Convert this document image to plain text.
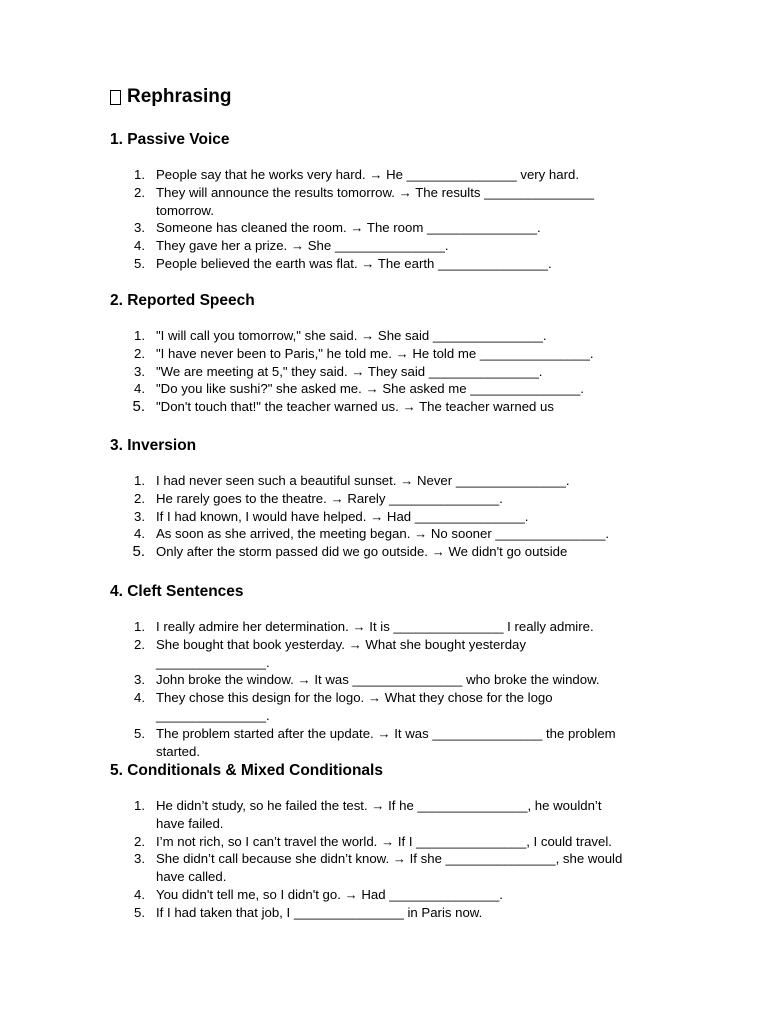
Rephrasing
1. Passive Voice
1. People say that he works very hard. → He _______________ very hard.
2. They will announce the results tomorrow. → The results _______________ tomorrow.
3. Someone has cleaned the room. → The room _______________.
4. They gave her a prize. → She _______________.
5. People believed the earth was flat. → The earth _______________.
2. Reported Speech
1. "I will call you tomorrow," she said. → She said _______________.
2. "I have never been to Paris," he told me. → He told me _______________.
3. "We are meeting at 5," they said. → They said _______________.
4. "Do you like sushi?" she asked me. → She asked me _______________.
5. "Don't touch that!" the teacher warned us. → The teacher warned us
3. Inversion
1. I had never seen such a beautiful sunset. → Never _______________.
2. He rarely goes to the theatre. → Rarely _______________.
3. If I had known, I would have helped. → Had _______________.
4. As soon as she arrived, the meeting began. → No sooner _______________.
5. Only after the storm passed did we go outside. → We didn't go outside
4. Cleft Sentences
1. I really admire her determination. → It is _______________ I really admire.
2. She bought that book yesterday. → What she bought yesterday _______________.
3. John broke the window. → It was _______________ who broke the window.
4. They chose this design for the logo. → What they chose for the logo _______________.
5. The problem started after the update. → It was _______________ the problem started.
5. Conditionals & Mixed Conditionals
1. He didn’t study, so he failed the test. → If he _______________, he wouldn’t have failed.
2. I’m not rich, so I can’t travel the world. → If I _______________, I could travel.
3. She didn’t call because she didn’t know. → If she _______________, she would have called.
4. You didn't tell me, so I didn't go. → Had _______________.
5. If I had taken that job, I _______________ in Paris now.
